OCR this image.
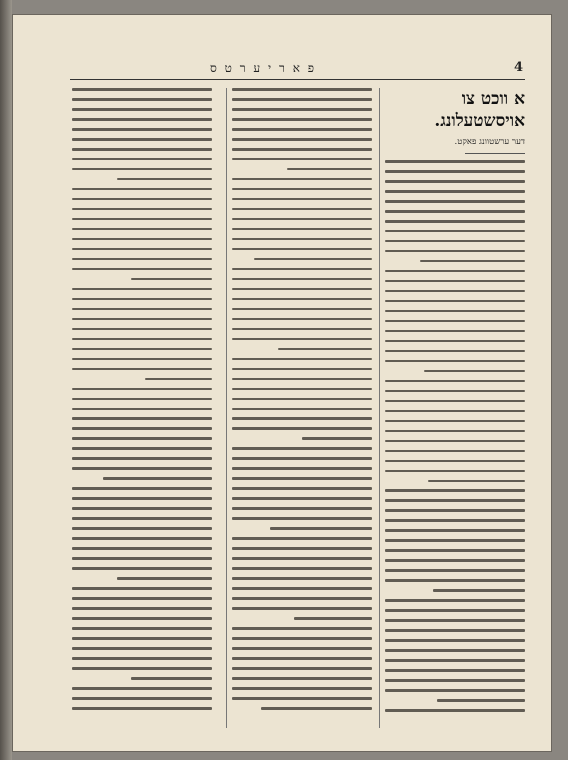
פ א ר י ע ר ט ס	4
א ווכט צו אויסשטעלונג.
דער ערשטוונג פאקט.
